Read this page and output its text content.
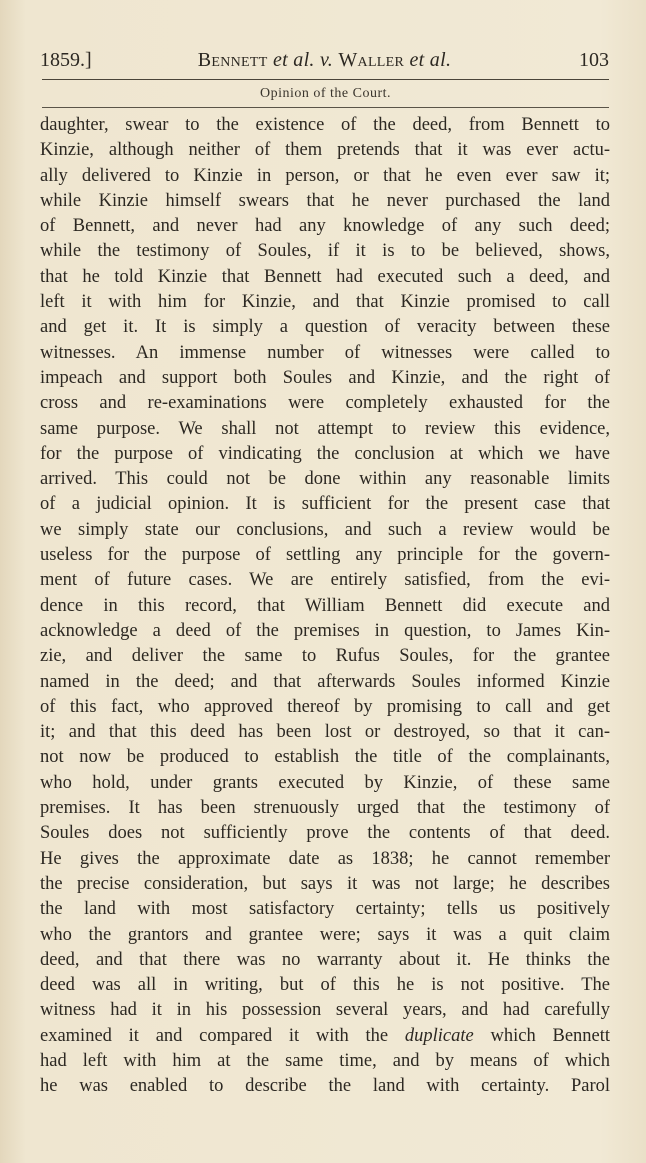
1859.]	Bennett et al. v. Waller et al.	103
Opinion of the Court.
daughter, swear to the existence of the deed, from Bennett to
Kinzie, although neither of them pretends that it was ever actu-
ally delivered to Kinzie in person, or that he even ever saw it;
while Kinzie himself swears that he never purchased the land
of Bennett, and never had any knowledge of any such deed;
while the testimony of Soules, if it is to be believed, shows,
that he told Kinzie that Bennett had executed such a deed, and
left it with him for Kinzie, and that Kinzie promised to call
and get it. It is simply a question of veracity between these
witnesses. An immense number of witnesses were called to
impeach and support both Soules and Kinzie, and the right of
cross and re-examinations were completely exhausted for the
same purpose. We shall not attempt to review this evidence,
for the purpose of vindicating the conclusion at which we have
arrived. This could not be done within any reasonable limits
of a judicial opinion. It is sufficient for the present case that
we simply state our conclusions, and such a review would be
useless for the purpose of settling any principle for the govern-
ment of future cases. We are entirely satisfied, from the evi-
dence in this record, that William Bennett did execute and
acknowledge a deed of the premises in question, to James Kin-
zie, and deliver the same to Rufus Soules, for the grantee
named in the deed; and that afterwards Soules informed Kinzie
of this fact, who approved thereof by promising to call and get
it; and that this deed has been lost or destroyed, so that it can-
not now be produced to establish the title of the complainants,
who hold, under grants executed by Kinzie, of these same
premises. It has been strenuously urged that the testimony of
Soules does not sufficiently prove the contents of that deed.
He gives the approximate date as 1838; he cannot remember
the precise consideration, but says it was not large; he describes
the land with most satisfactory certainty; tells us positively
who the grantors and grantee were; says it was a quit claim
deed, and that there was no warranty about it. He thinks the
deed was all in writing, but of this he is not positive. The
witness had it in his possession several years, and had carefully
examined it and compared it with the duplicate which Bennett
had left with him at the same time, and by means of which
he was enabled to describe the land with certainty. Parol
